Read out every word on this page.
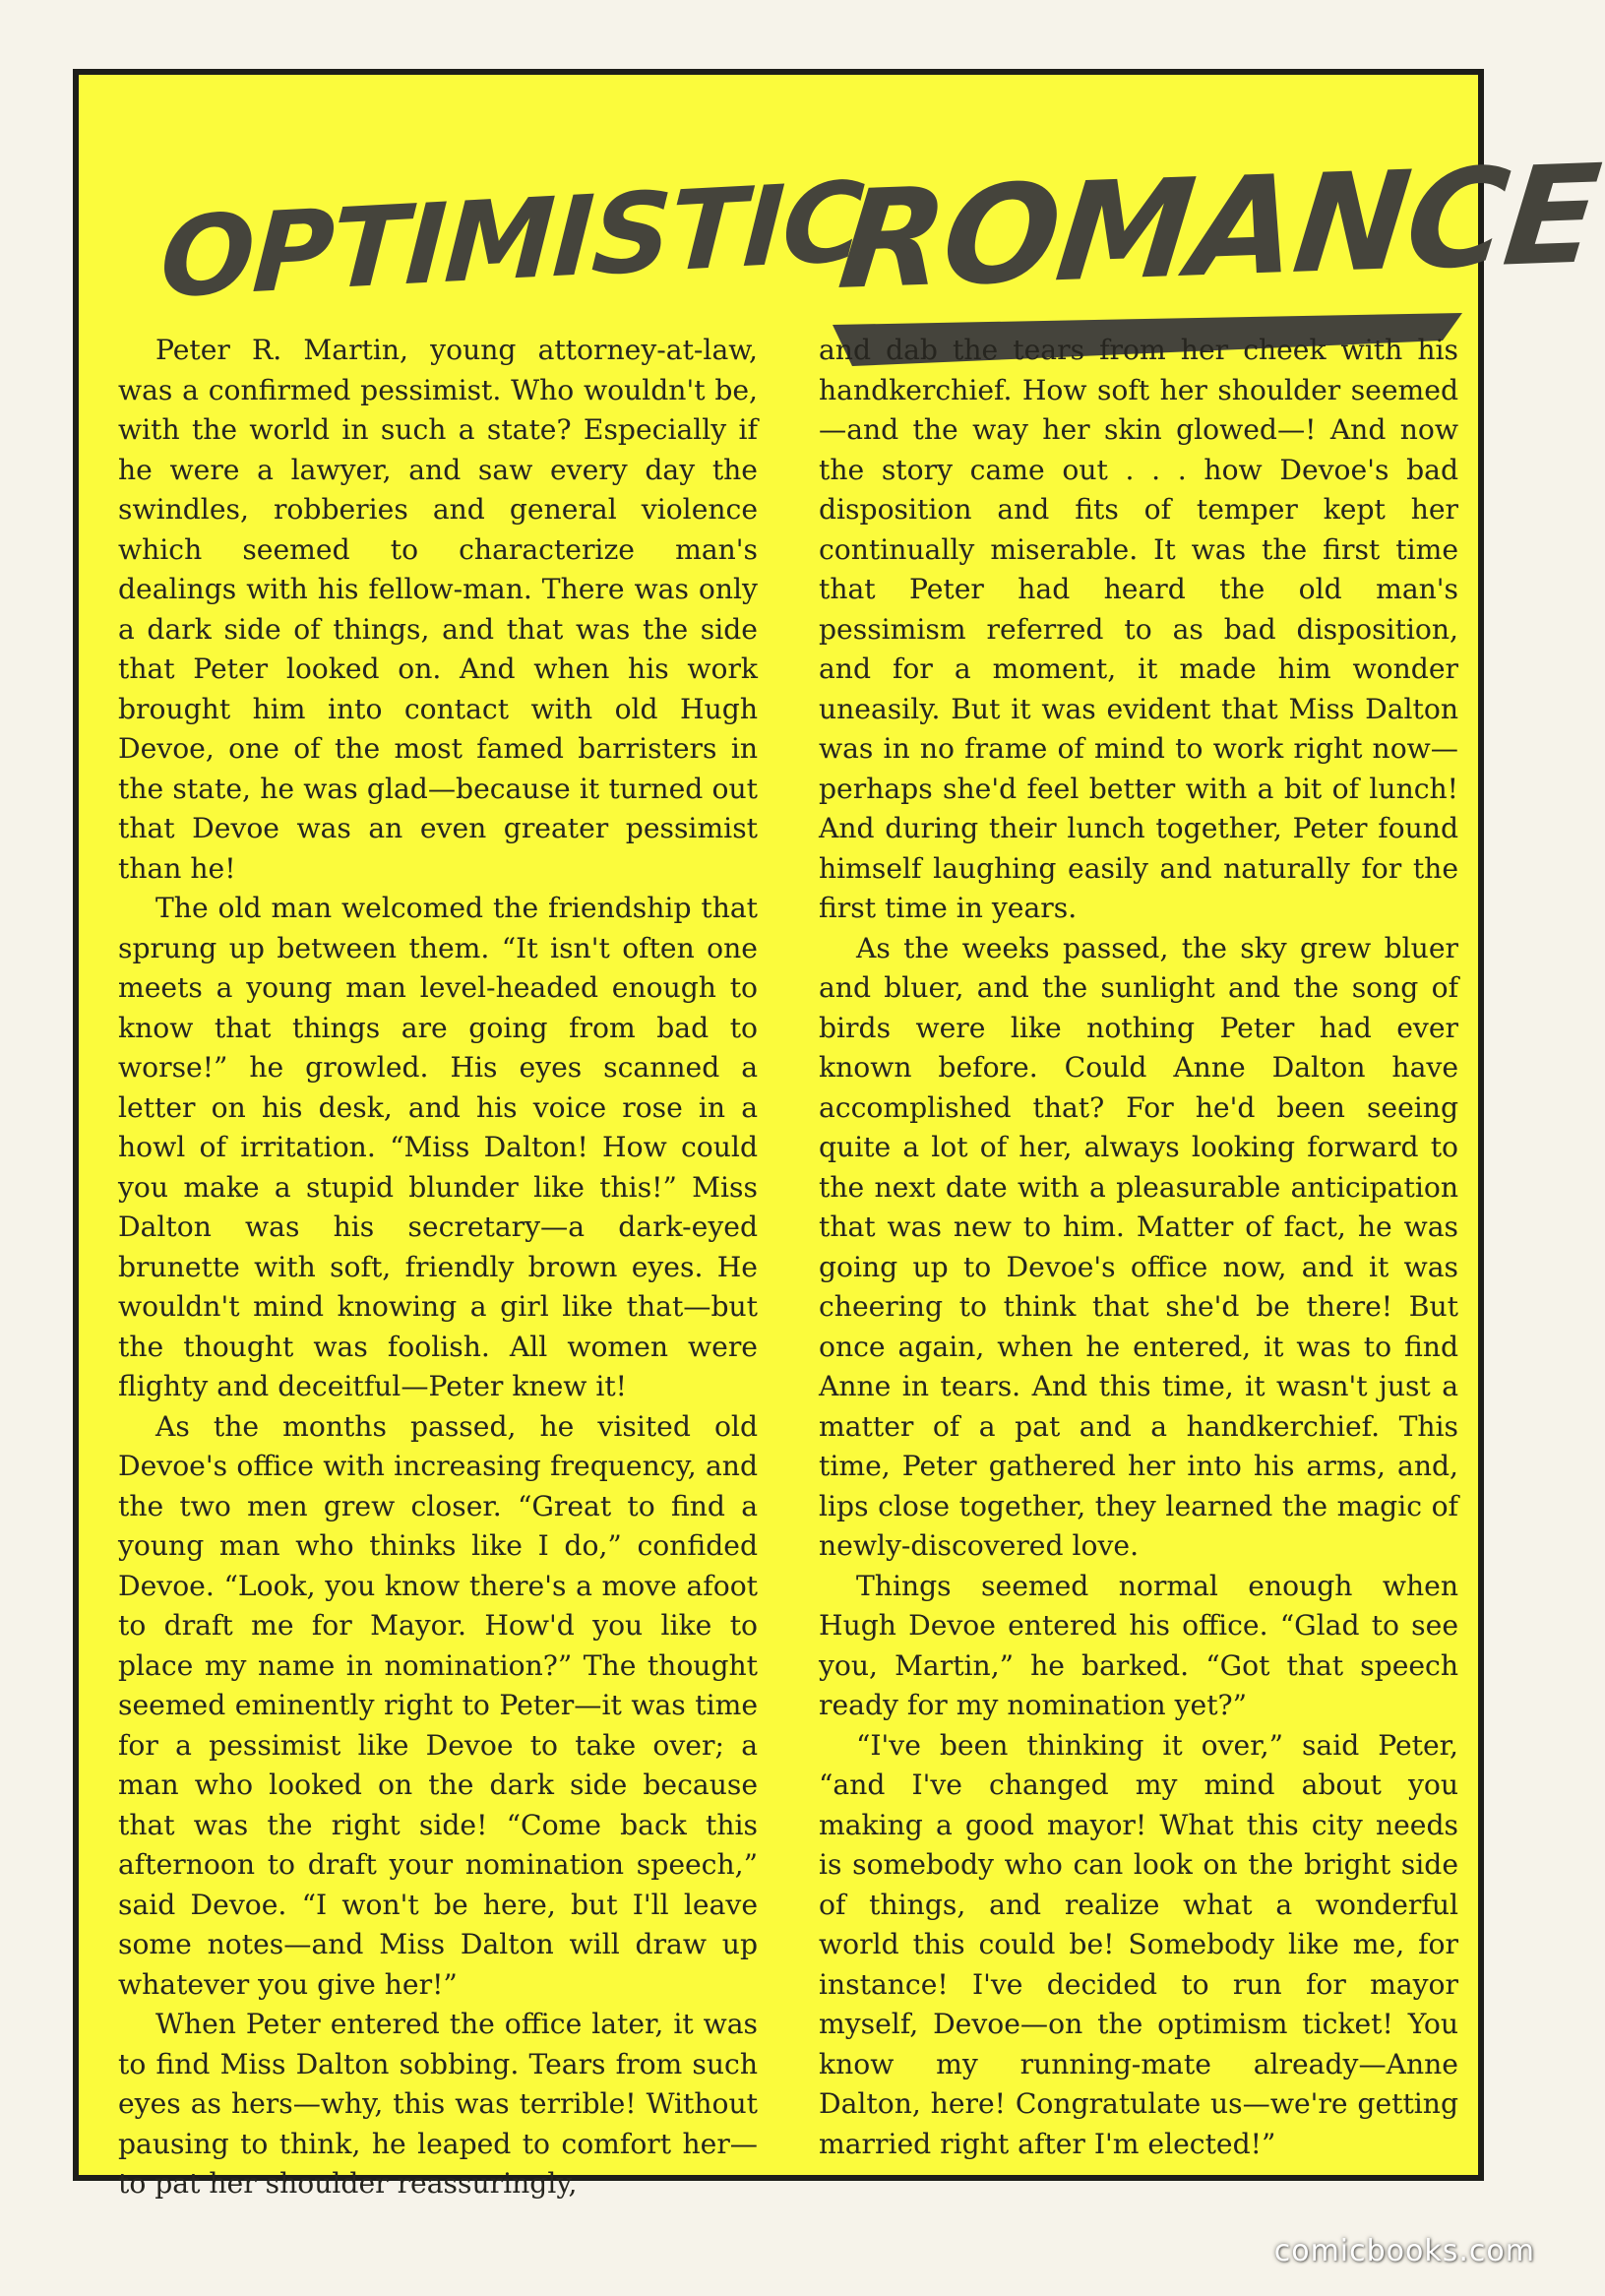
OPTIMISTIC
ROMANCE

Peter R. Martin, young attorney-at-law, was a confirmed pessimist. Who wouldn't be, with the world in such a state? Especially if he were a lawyer, and saw every day the swindles, robberies and general violence which seemed to characterize man's dealings with his fellow-man. There was only a dark side of things, and that was the side that Peter looked on. And when his work brought him into contact with old Hugh Devoe, one of the most famed barristers in the state, he was glad—because it turned out that Devoe was an even greater pessimist than he!

The old man welcomed the friendship that sprung up between them. “It isn't often one meets a young man level-headed enough to know that things are going from bad to worse!” he growled. His eyes scanned a letter on his desk, and his voice rose in a howl of irritation. “Miss Dalton! How could you make a stupid blunder like this!” Miss Dalton was his secretary—a dark-eyed brunette with soft, friendly brown eyes. He wouldn't mind knowing a girl like that—but the thought was foolish. All women were flighty and deceitful—Peter knew it!

As the months passed, he visited old Devoe's office with increasing frequency, and the two men grew closer. “Great to find a young man who thinks like I do,” confided Devoe. “Look, you know there's a move afoot to draft me for Mayor. How'd you like to place my name in nomination?” The thought seemed eminently right to Peter—it was time for a pessimist like Devoe to take over; a man who looked on the dark side because that was the right side! “Come back this afternoon to draft your nomination speech,” said Devoe. “I won't be here, but I'll leave some notes—and Miss Dalton will draw up whatever you give her!”

When Peter entered the office later, it was to find Miss Dalton sobbing. Tears from such eyes as hers—why, this was terrible! Without pausing to think, he leaped to comfort her—to pat her shoulder reassuringly,

and dab the tears from her cheek with his handkerchief. How soft her shoulder seemed —and the way her skin glowed—! And now the story came out . . . how Devoe's bad disposition and fits of temper kept her continually miserable. It was the first time that Peter had heard the old man's pessimism referred to as bad disposition, and for a moment, it made him wonder uneasily. But it was evident that Miss Dalton was in no frame of mind to work right now—perhaps she'd feel better with a bit of lunch! And during their lunch together, Peter found himself laughing easily and naturally for the first time in years.

As the weeks passed, the sky grew bluer and bluer, and the sunlight and the song of birds were like nothing Peter had ever known before. Could Anne Dalton have accomplished that? For he'd been seeing quite a lot of her, always looking forward to the next date with a pleasurable anticipation that was new to him. Matter of fact, he was going up to Devoe's office now, and it was cheering to think that she'd be there! But once again, when he entered, it was to find Anne in tears. And this time, it wasn't just a matter of a pat and a handkerchief. This time, Peter gathered her into his arms, and, lips close together, they learned the magic of newly-discovered love.

Things seemed normal enough when Hugh Devoe entered his office. “Glad to see you, Martin,” he barked. “Got that speech ready for my nomination yet?”

“I've been thinking it over,” said Peter, “and I've changed my mind about you making a good mayor! What this city needs is somebody who can look on the bright side of things, and realize what a wonderful world this could be! Somebody like me, for instance! I've decided to run for mayor myself, Devoe—on the optimism ticket! You know my running-mate already—Anne Dalton, here! Congratulate us—we're getting married right after I'm elected!”

comicbooks.com
